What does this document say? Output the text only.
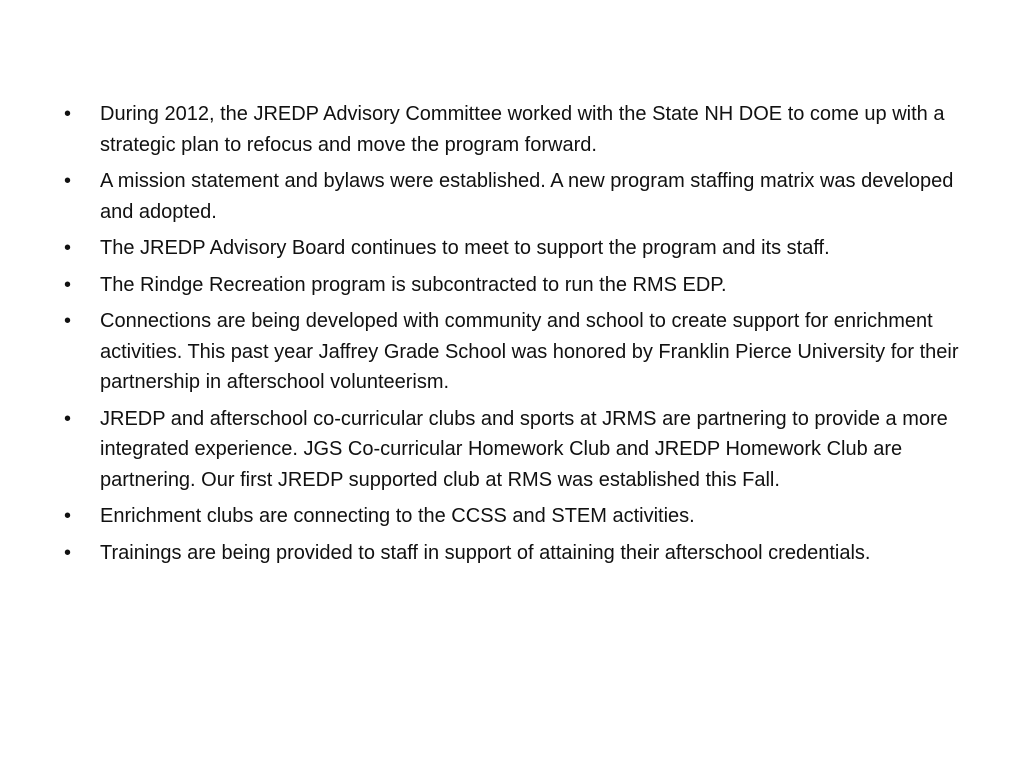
•	During 2012, the JREDP Advisory Committee worked with the State NH DOE to come up with a strategic plan to refocus and move the program forward.
•	A mission statement and bylaws were established. A new program staffing matrix was developed and adopted.
•	The JREDP Advisory Board continues to meet to support the program and its staff.
•	The Rindge Recreation program is subcontracted to run the RMS EDP.
•	Connections are being developed with community and school to create support for enrichment activities. This past year Jaffrey Grade School was honored by Franklin Pierce University for their partnership in afterschool volunteerism.
•	JREDP and afterschool co-curricular clubs and sports at JRMS are partnering to provide a more integrated experience. JGS Co-curricular Homework Club and JREDP Homework Club are partnering. Our first JREDP supported club at RMS was established this Fall.
•	Enrichment clubs are connecting to the CCSS and STEM activities.
•	Trainings are being provided to staff in support of attaining their afterschool credentials.
